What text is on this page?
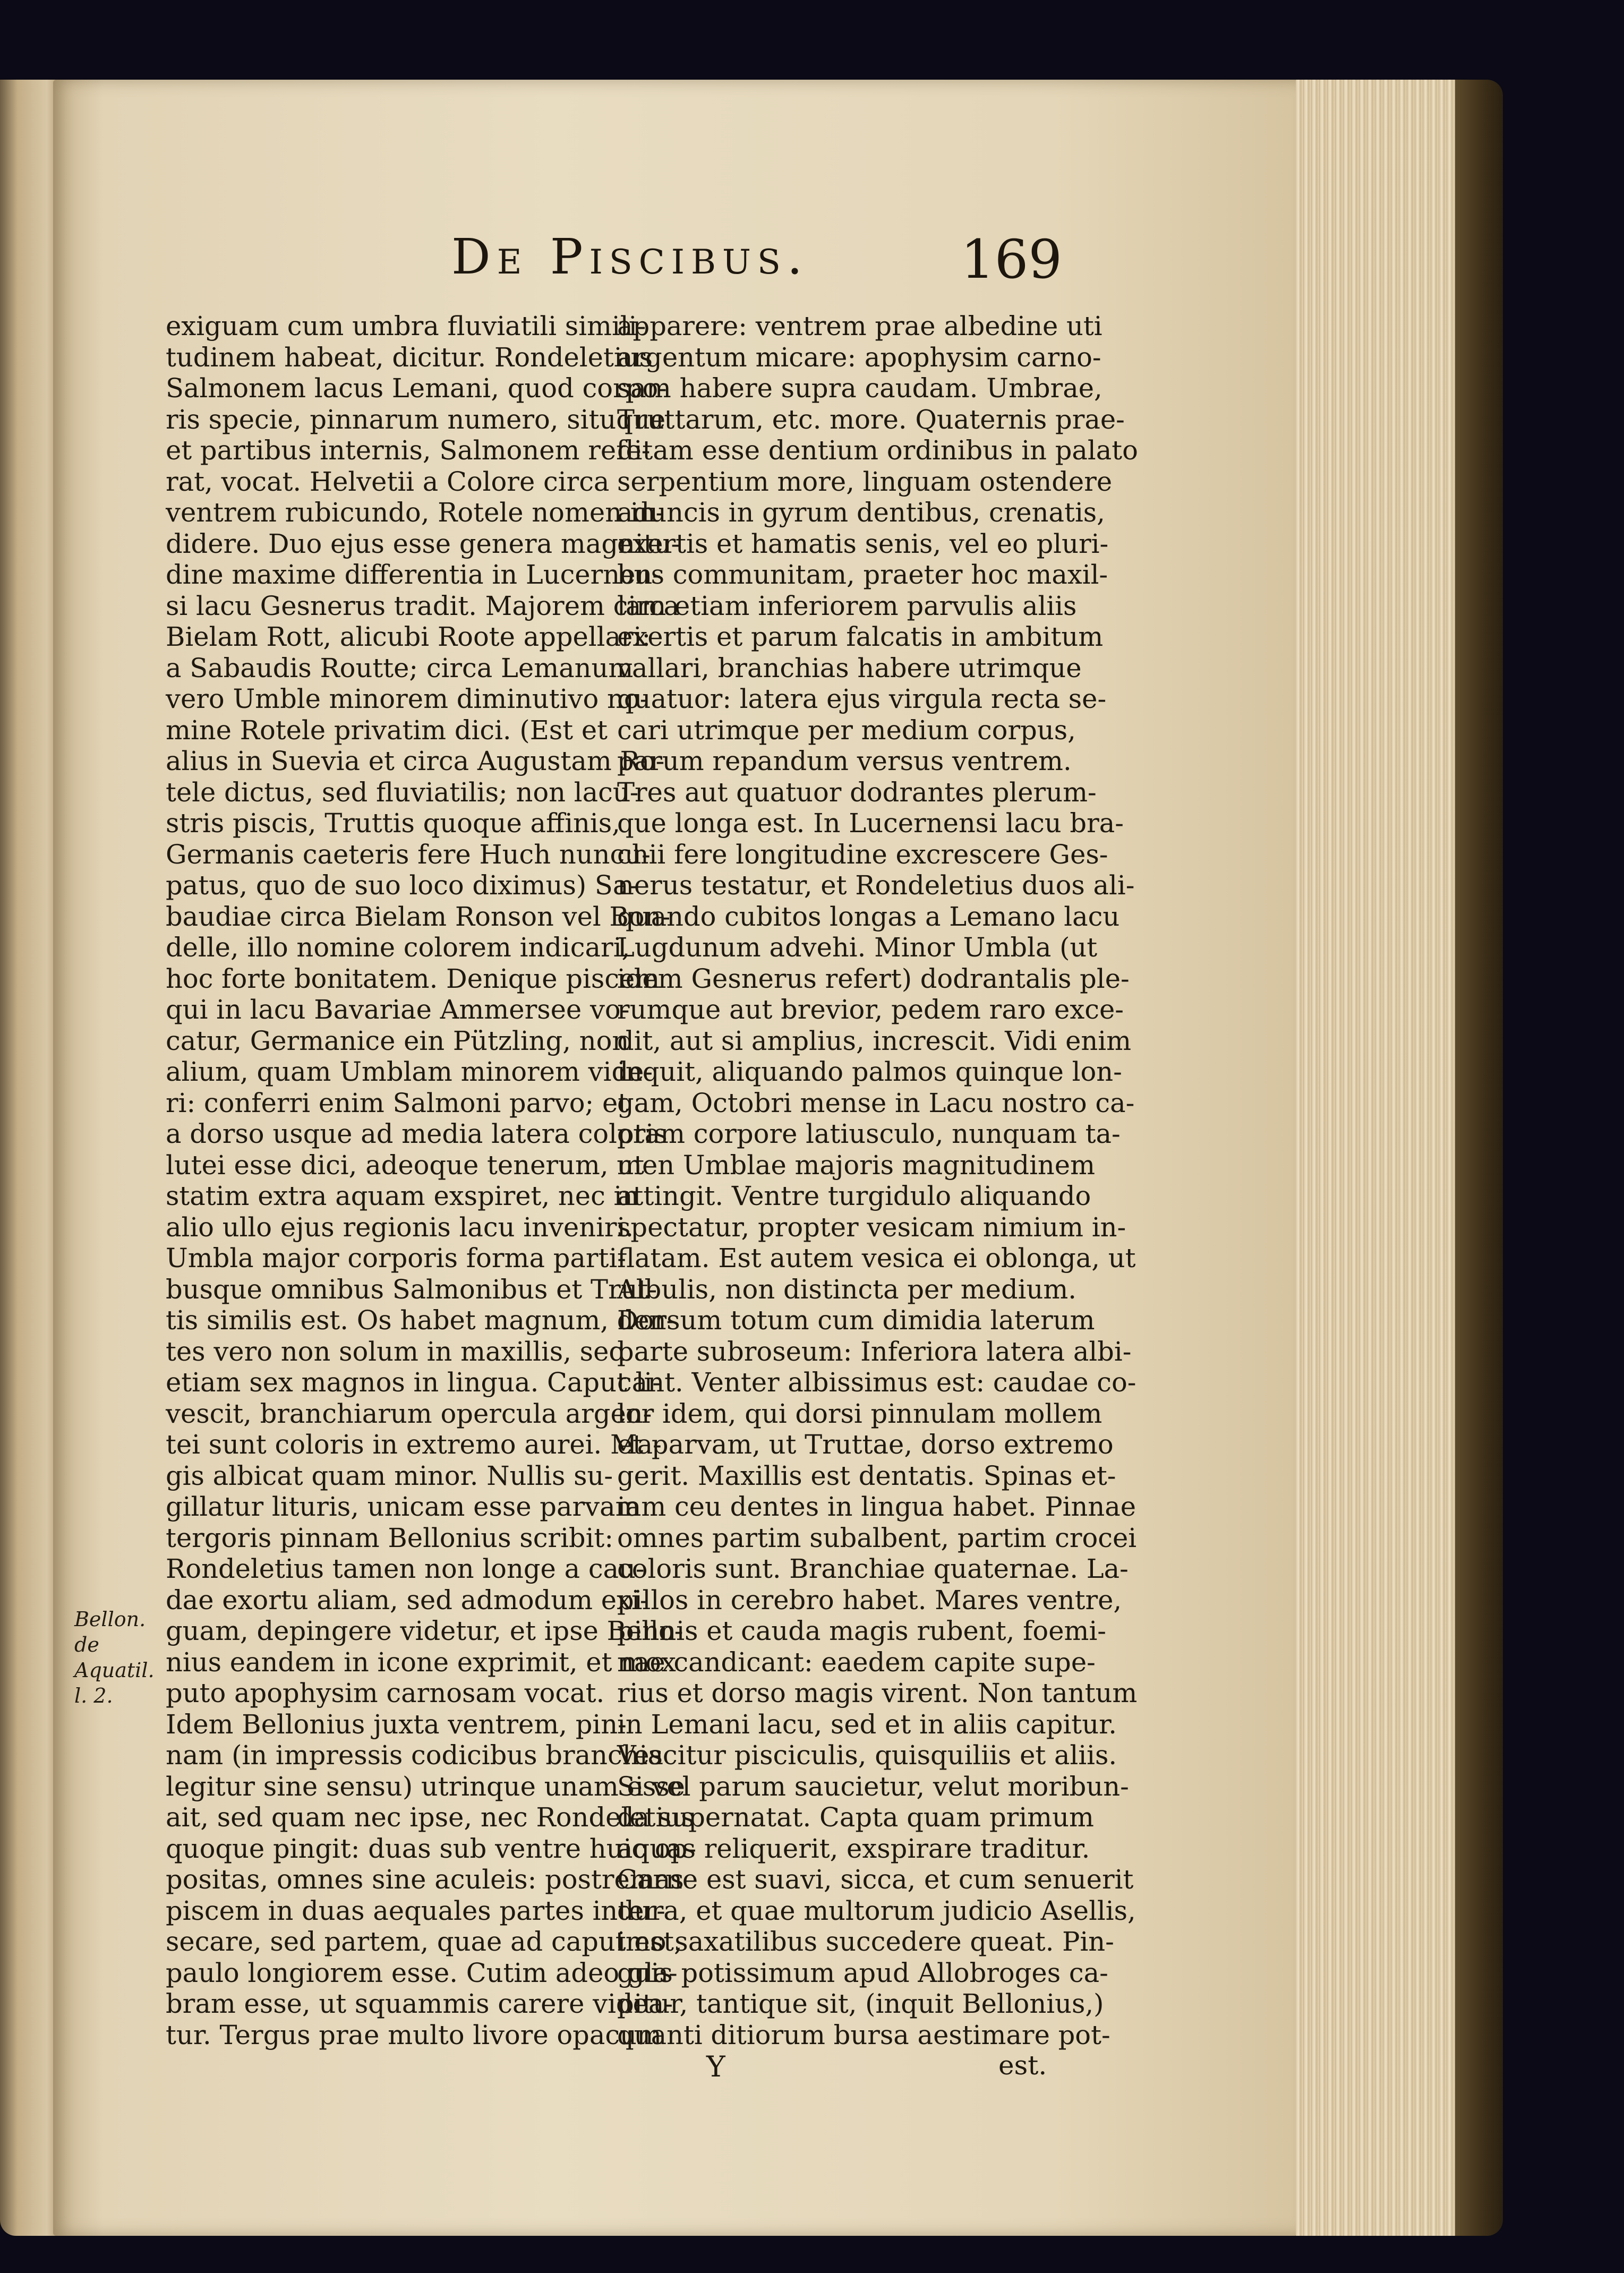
De Piscibus.	169
Bellon. de
Aquatil. l. 2.
exiguam cum umbra fluviatili simili-
tudinem habeat, dicitur. Rondeletius
Salmonem lacus Lemani, quod corpo-
ris specie, pinnarum numero, situque
et partibus internis, Salmonem refe-
rat, vocat. Helvetii a Colore circa
ventrem rubicundo, Rotele nomen in-
didere. Duo ejus esse genera magnitu-
dine maxime differentia in Lucernen-
si lacu Gesnerus tradit. Majorem circa
Bielam Rott, alicubi Roote appellari:
a Sabaudis Routte; circa Lemanum
vero Umble minorem diminutivo no-
mine Rotele privatim dici. (Est et
alius in Suevia et circa Augustam Ro-
tele dictus, sed fluviatilis; non lacu-
stris piscis, Truttis quoque affinis,
Germanis caeteris fere Huch nuncu-
patus, quo de suo loco diximus) Sa-
baudiae circa Bielam Ronson vel Bon-
delle, illo nomine colorem indicari,
hoc forte bonitatem. Denique piscem
qui in lacu Bavariae Ammersee vo-
catur, Germanice ein Pützling, non
alium, quam Umblam minorem vide-
ri: conferri enim Salmoni parvo; et
a dorso usque ad media latera coloris
lutei esse dici, adeoque tenerum, ut
statim extra aquam exspiret, nec in
alio ullo ejus regionis lacu inveniri.
Umbla major corporis forma parti-
busque omnibus Salmonibus et Trut-
tis similis est. Os habet magnum, den-
tes vero non solum in maxillis, sed
etiam sex magnos in lingua. Caput li-
vescit, branchiarum opercula argen-
tei sunt coloris in extremo aurei. Ma-
gis albicat quam minor. Nullis su-
gillatur lituris, unicam esse parvam
tergoris pinnam Bellonius scribit:
Rondeletius tamen non longe a cau-
dae exortu aliam, sed admodum exi-
guam, depingere videtur, et ipse Bello-
nius eandem in icone exprimit, et mox
puto apophysim carnosam vocat.
Idem Bellonius juxta ventrem, pin-
nam (in impressis codicibus branchia
legitur sine sensu) utrinque unam esse
ait, sed quam nec ipse, nec Rondeletius
quoque pingit: duas sub ventre huic op-
positas, omnes sine aculeis: postremas
piscem in duas aequales partes inter-
secare, sed partem, quae ad caput est,
paulo longiorem esse. Cutim adeo gla-
bram esse, ut squammis carere videa-
tur. Tergus prae multo livore opacum
apparere: ventrem prae albedine uti
argentum micare: apophysim carno-
sam habere supra caudam. Umbrae,
Truttarum, etc. more. Quaternis prae-
ditam esse dentium ordinibus in palato
serpentium more, linguam ostendere
aduncis in gyrum dentibus, crenatis,
exertis et hamatis senis, vel eo pluri-
bus communitam, praeter hoc maxil-
lam etiam inferiorem parvulis aliis
exertis et parum falcatis in ambitum
vallari, branchias habere utrimque
quatuor: latera ejus virgula recta se-
cari utrimque per medium corpus,
parum repandum versus ventrem.
Tres aut quatuor dodrantes plerum-
que longa est. In Lucernensi lacu bra-
chii fere longitudine excrescere Ges-
nerus testatur, et Rondeletius duos ali-
quando cubitos longas a Lemano lacu
Lugdunum advehi. Minor Umbla (ut
idem Gesnerus refert) dodrantalis ple-
rumque aut brevior, pedem raro exce-
dit, aut si amplius, increscit. Vidi enim
inquit, aliquando palmos quinque lon-
gam, Octobri mense in Lacu nostro ca-
ptam corpore latiusculo, nunquam ta-
men Umblae majoris magnitudinem
attingit. Ventre turgidulo aliquando
spectatur, propter vesicam nimium in-
flatam. Est autem vesica ei oblonga, ut
Albulis, non distincta per medium.
Dorsum totum cum dimidia laterum
parte subroseum: Inferiora latera albi-
cant. Venter albissimus est: caudae co-
lor idem, qui dorsi pinnulam mollem
et parvam, ut Truttae, dorso extremo
gerit. Maxillis est dentatis. Spinas et-
iam ceu dentes in lingua habet. Pinnae
omnes partim subalbent, partim crocei
coloris sunt. Branchiae quaternae. La-
pillos in cerebro habet. Mares ventre,
pinnis et cauda magis rubent, foemi-
nae candicant: eaedem capite supe-
rius et dorso magis virent. Non tantum
in Lemani lacu, sed et in aliis capitur.
Vescitur pisciculis, quisquiliis et aliis.
Si vel parum saucietur, velut moribun-
da supernatat. Capta quam primum
aquas reliquerit, exspirare traditur.
Carne est suavi, sicca, et cum senuerit
dura, et quae multorum judicio Asellis,
imo saxatilibus succedere queat. Pin-
guis potissimum apud Allobroges ca-
pitur, tantique sit, (inquit Bellonius,)
quanti ditiorum bursa aestimare pot-
Y	est.
